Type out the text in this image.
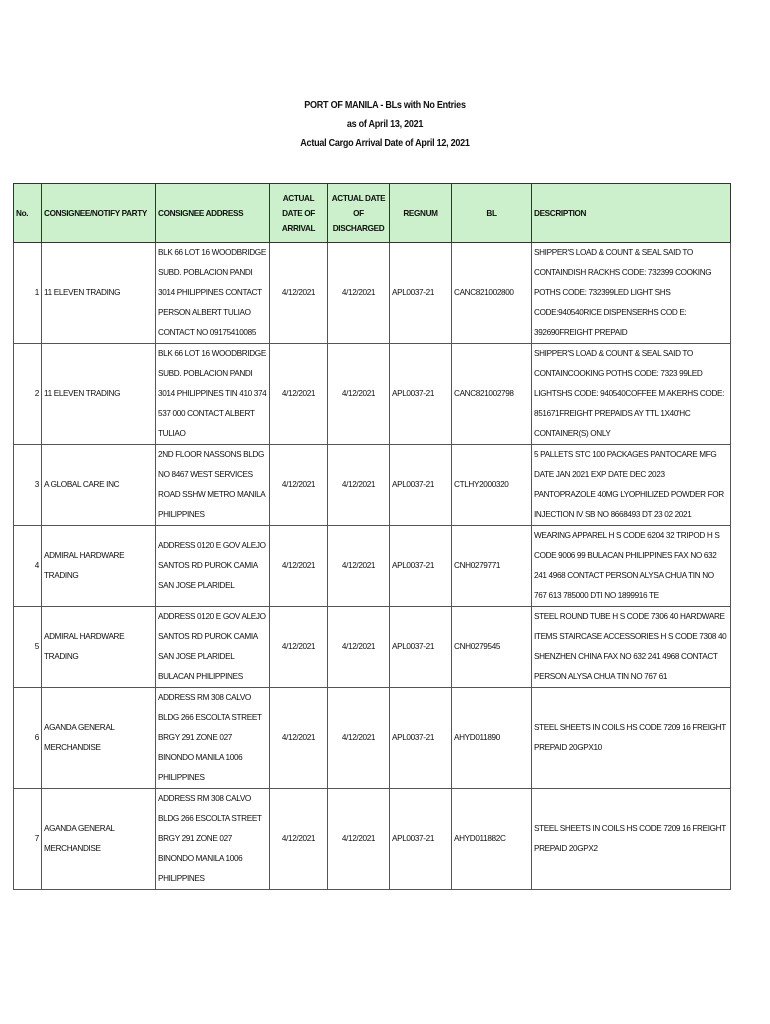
PORT OF MANILA - BLs with No Entries
as of April 13, 2021
Actual Cargo Arrival Date of April 12, 2021
No.	CONSIGNEE/NOTIFY PARTY	CONSIGNEE ADDRESS	ACTUAL DATE OF ARRIVAL	ACTUAL DATE OF DISCHARGED	REGNUM	BL	DESCRIPTION
1	11 ELEVEN TRADING	BLK 66 LOT 16 WOODBRIDGE SUBD. POBLACION PANDI 3014 PHILIPPINES CONTACT PERSON ALBERT TULIAO CONTACT NO 09175410085	4/12/2021	4/12/2021	APL0037-21	CANC821002800	SHIPPER'S LOAD & COUNT & SEAL SAID TO CONTAINDISH RACKHS CODE: 732399 COOKING POTHS CODE: 732399LED LIGHT SHS CODE:940540RICE DISPENSERHS COD E: 392690FREIGHT PREPAID
2	11 ELEVEN TRADING	BLK 66 LOT 16 WOODBRIDGE SUBD. POBLACION PANDI 3014 PHILIPPINES TIN 410 374 537 000 CONTACT ALBERT TULIAO	4/12/2021	4/12/2021	APL0037-21	CANC821002798	SHIPPER'S LOAD & COUNT & SEAL SAID TO CONTAINCOOKING POTHS CODE: 7323 99LED LIGHTSHS CODE: 940540COFFEE M AKERHS CODE: 851671FREIGHT PREPAIDS AY TTL 1X40'HC CONTAINER(S) ONLY
3	A GLOBAL CARE INC	2ND FLOOR NASSONS BLDG NO 8467 WEST SERVICES ROAD SSHW METRO MANILA PHILIPPINES	4/12/2021	4/12/2021	APL0037-21	CTLHY2000320	5 PALLETS STC 100 PACKAGES PANTOCARE MFG DATE JAN 2021 EXP DATE DEC 2023 PANTOPRAZOLE 40MG LYOPHILIZED POWDER FOR INJECTION IV SB NO 8668493 DT 23 02 2021
4	ADMIRAL HARDWARE TRADING	ADDRESS 0120 E GOV ALEJO SANTOS RD PUROK CAMIA SAN JOSE PLARIDEL	4/12/2021	4/12/2021	APL0037-21	CNH0279771	WEARING APPAREL H S CODE 6204 32 TRIPOD H S CODE 9006 99 BULACAN PHILIPPINES FAX NO 632 241 4968 CONTACT PERSON ALYSA CHUA TIN NO 767 613 785000 DTI NO 1899916 TE
5	ADMIRAL HARDWARE TRADING	ADDRESS 0120 E GOV ALEJO SANTOS RD PUROK CAMIA SAN JOSE PLARIDEL BULACAN PHILIPPINES	4/12/2021	4/12/2021	APL0037-21	CNH0279545	STEEL ROUND TUBE H S CODE 7306 40 HARDWARE ITEMS STAIRCASE ACCESSORIES H S CODE 7308 40 SHENZHEN CHINA FAX NO 632 241 4968 CONTACT PERSON ALYSA CHUA TIN NO 767 61
6	AGANDA GENERAL MERCHANDISE	ADDRESS RM 308 CALVO BLDG 266 ESCOLTA STREET BRGY 291 ZONE 027 BINONDO MANILA 1006 PHILIPPINES	4/12/2021	4/12/2021	APL0037-21	AHYD011890	STEEL SHEETS IN COILS HS CODE 7209 16 FREIGHT PREPAID 20GPX10
7	AGANDA GENERAL MERCHANDISE	ADDRESS RM 308 CALVO BLDG 266 ESCOLTA STREET BRGY 291 ZONE 027 BINONDO MANILA 1006 PHILIPPINES	4/12/2021	4/12/2021	APL0037-21	AHYD011882C	STEEL SHEETS IN COILS HS CODE 7209 16 FREIGHT PREPAID 20GPX2
